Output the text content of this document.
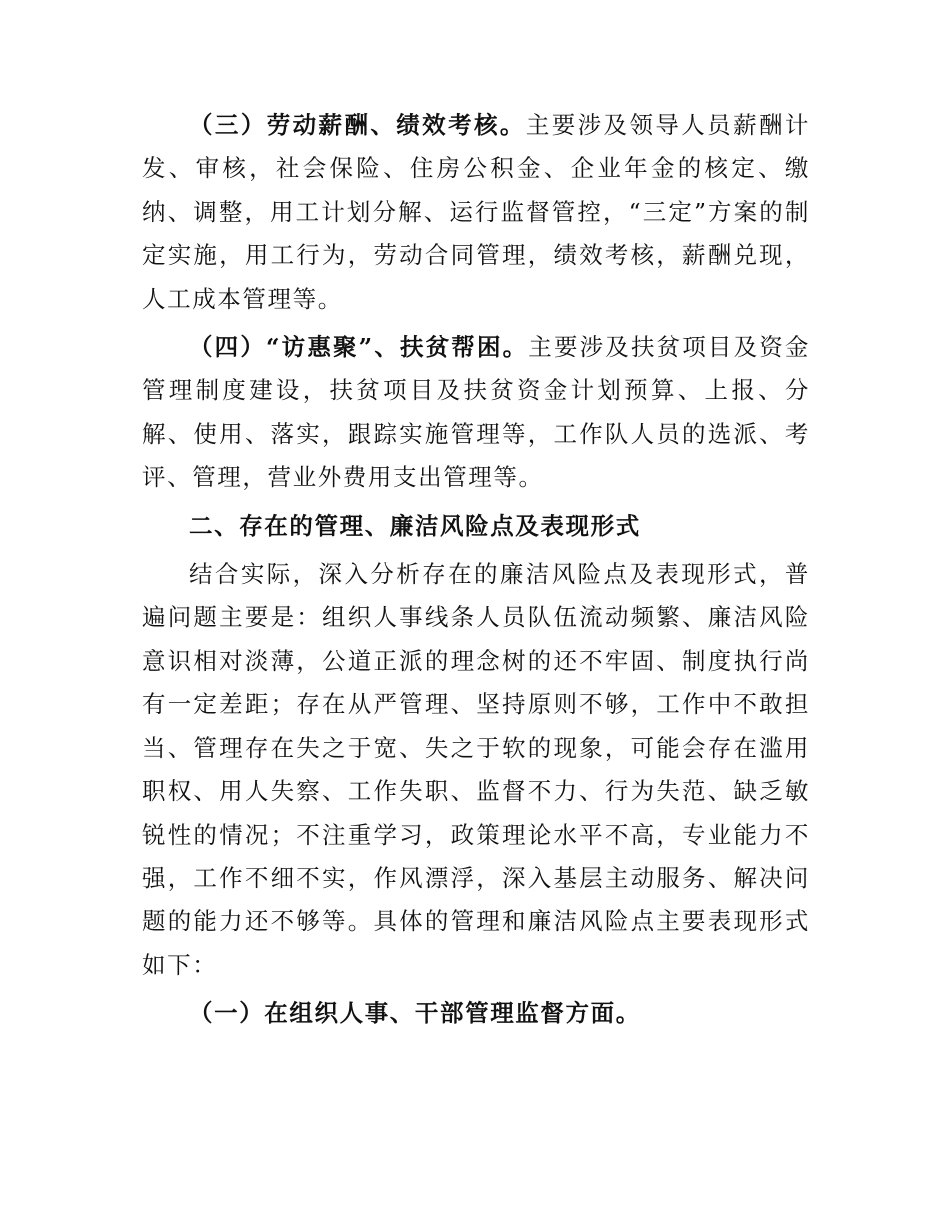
（三）劳动薪酬、绩效考核。主要涉及领导人员薪酬计发、审核，社会保险、住房公积金、企业年金的核定、缴纳、调整，用工计划分解、运行监督管控，“三定”方案的制定实施，用工行为，劳动合同管理，绩效考核，薪酬兑现，人工成本管理等。

（四）“访惠聚”、扶贫帮困。主要涉及扶贫项目及资金管理制度建设，扶贫项目及扶贫资金计划预算、上报、分解、使用、落实，跟踪实施管理等，工作队人员的选派、考评、管理，营业外费用支出管理等。

二、存在的管理、廉洁风险点及表现形式

结合实际，深入分析存在的廉洁风险点及表现形式，普遍问题主要是：组织人事线条人员队伍流动频繁、廉洁风险意识相对淡薄，公道正派的理念树的还不牢固、制度执行尚有一定差距；存在从严管理、坚持原则不够，工作中不敢担当、管理存在失之于宽、失之于软的现象，可能会存在滥用职权、用人失察、工作失职、监督不力、行为失范、缺乏敏锐性的情况；不注重学习，政策理论水平不高，专业能力不强，工作不细不实，作风漂浮，深入基层主动服务、解决问题的能力还不够等。具体的管理和廉洁风险点主要表现形式如下：

（一）在组织人事、干部管理监督方面。
